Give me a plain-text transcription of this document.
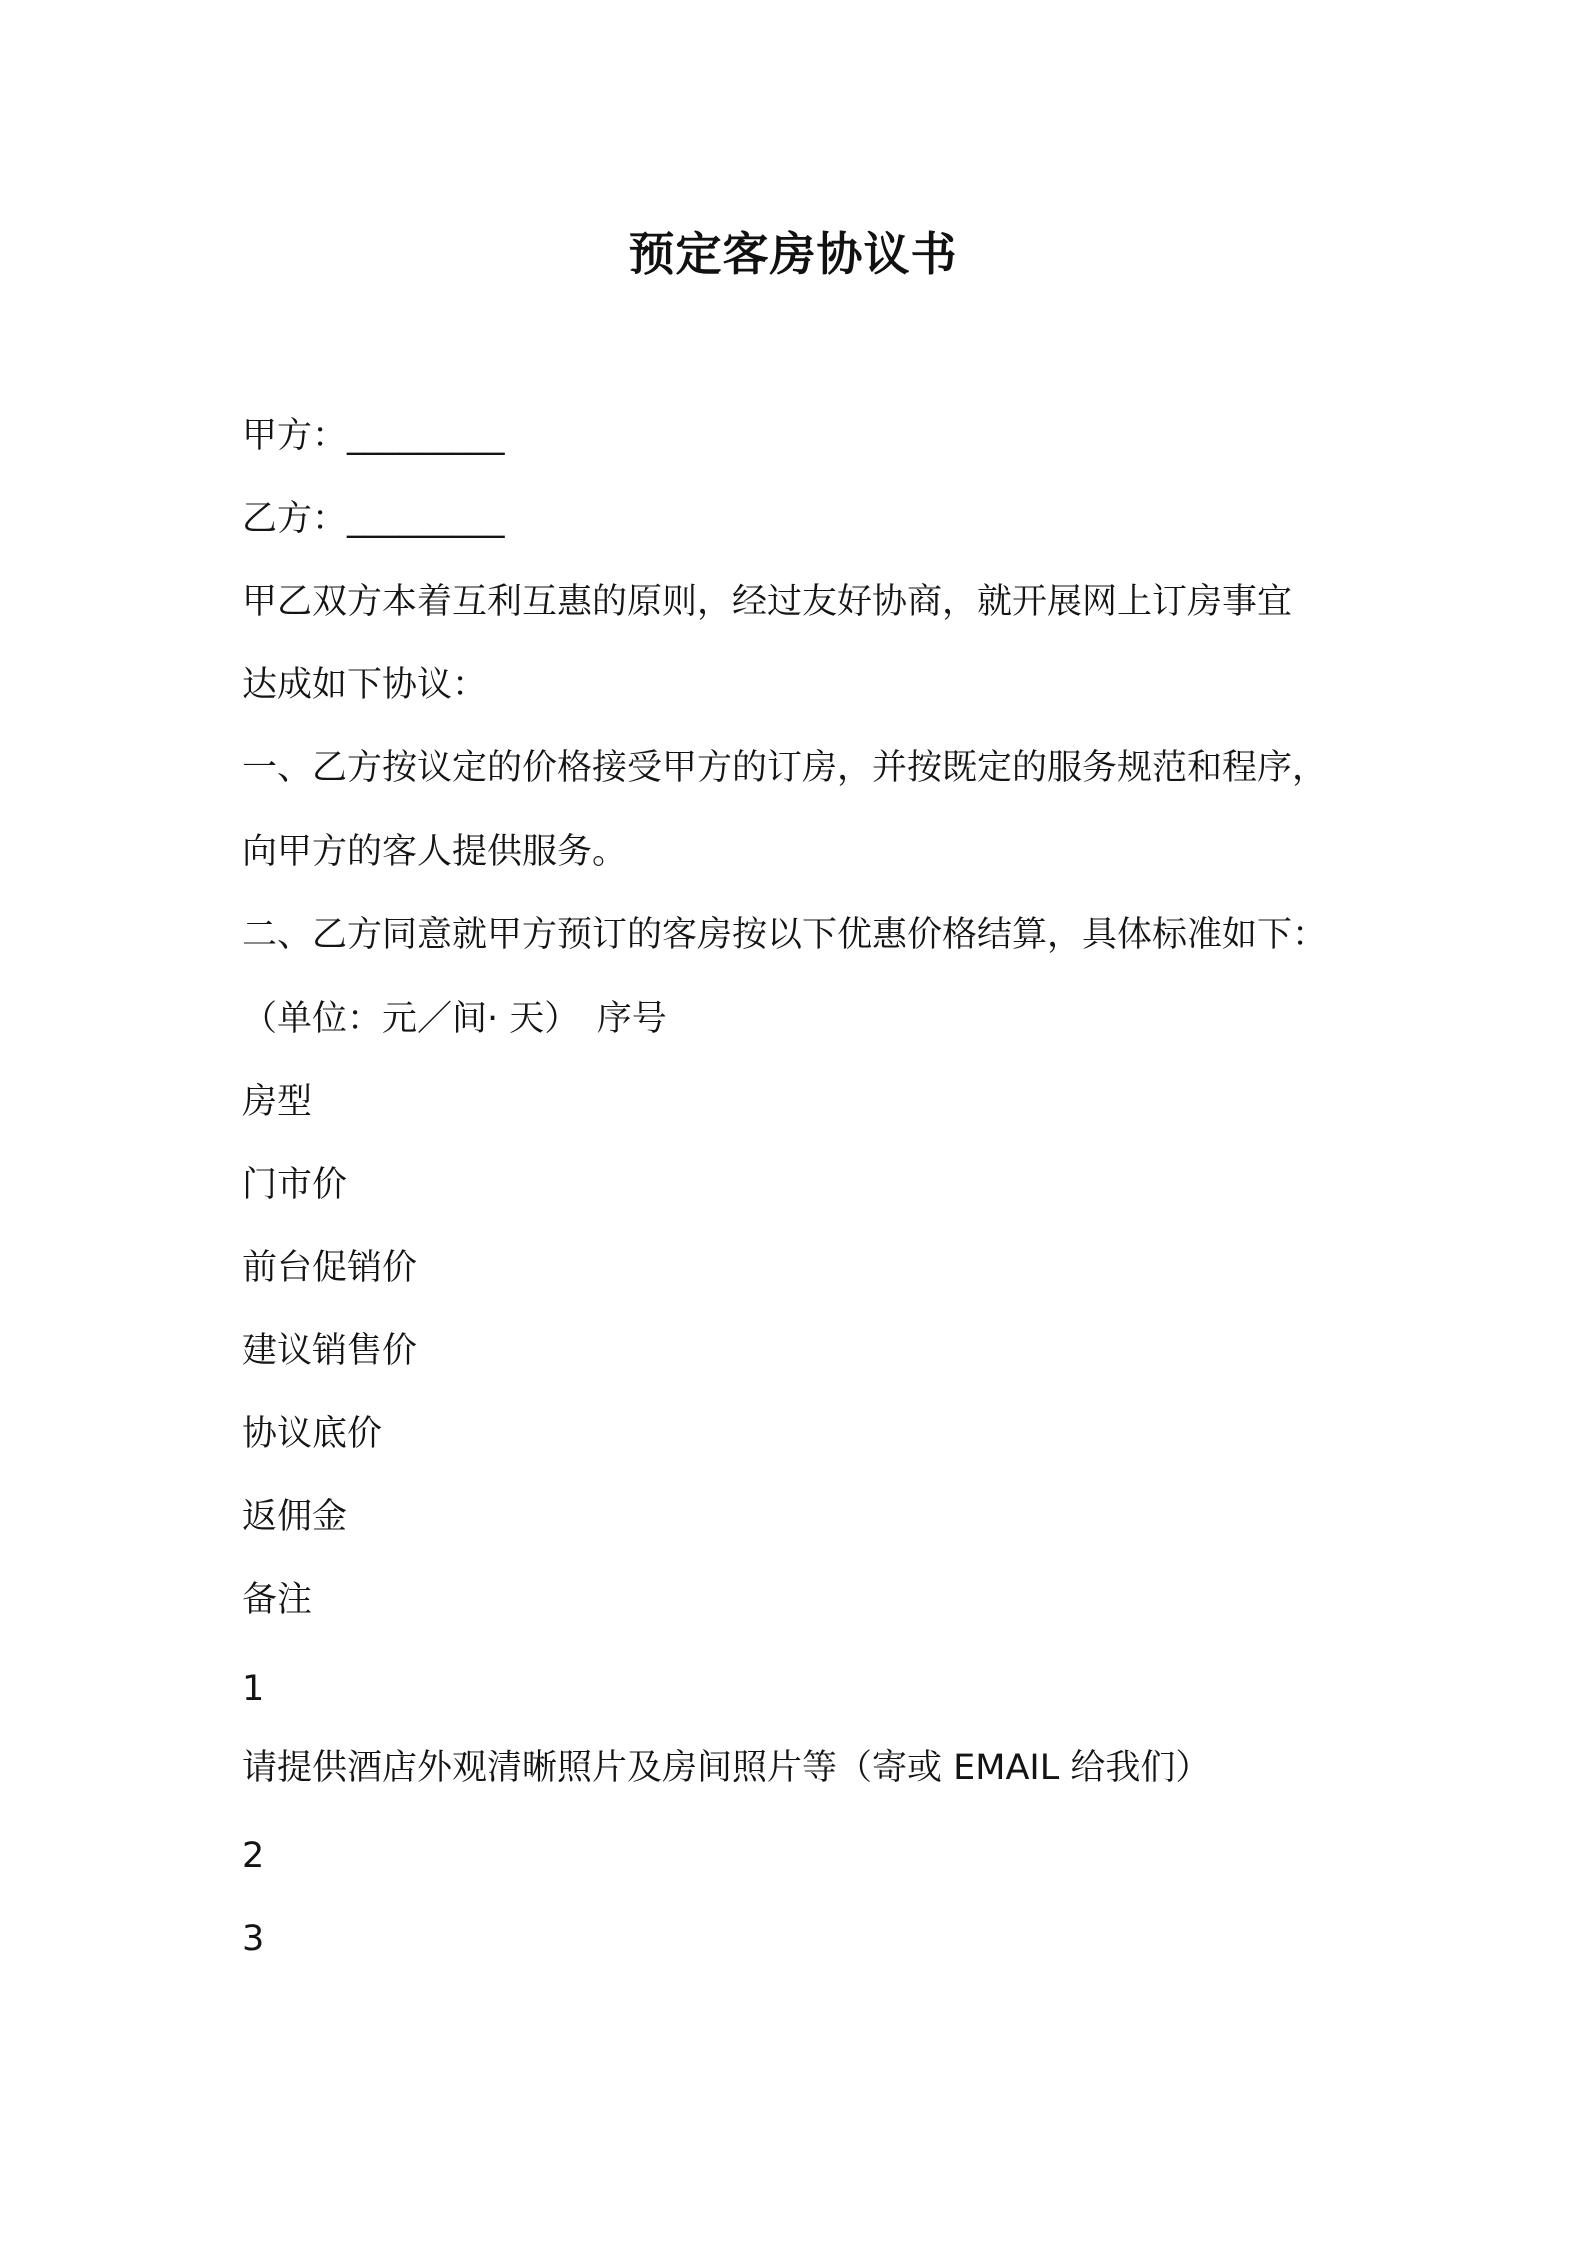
预定客房协议书
甲方：_________
乙方：_________
甲乙双方本着互利互惠的原则，经过友好协商，就开展网上订房事宜
达成如下协议：
一、乙方按议定的价格接受甲方的订房，并按既定的服务规范和程序，
向甲方的客人提供服务。
二、乙方同意就甲方预订的客房按以下优惠价格结算，具体标准如下：
（单位：元／间· 天）　序号
房型
门市价
前台促销价
建议销售价
协议底价
返佣金
备注
1
请提供酒店外观清晰照片及房间照片等（寄或 EMAIL 给我们）
2
3
